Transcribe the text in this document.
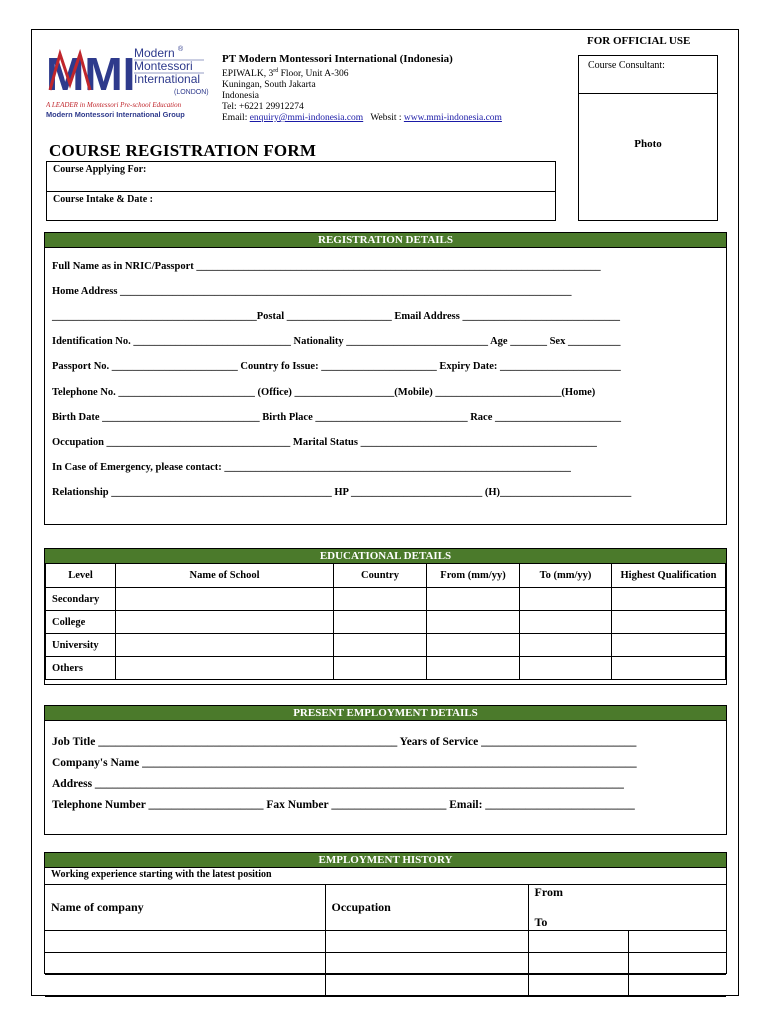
MMI
Modern
Montessori
International
®
(LONDON)
A LEADER in Montessori Pre-school Education
Modern Montessori International Group
PT Modern Montessori International (Indonesia)
EPIWALK, 3rd Floor, Unit A-306
Kuningan, South Jakarta
Indonesia
Tel: +6221 29912274
Email: enquiry@mmi-indonesia.com Websit : www.mmi-indonesia.com
FOR OFFICIAL USE
Course Consultant:
Photo
COURSE REGISTRATION FORM
Course Applying For:
Course Intake & Date :
REGISTRATION DETAILS
Full Name as in NRIC/Passport _____________________________________________________________________________
Home Address ______________________________________________________________________________________
_______________________________________Postal ____________________ Email Address ______________________________
Identification No. ______________________________ Nationality ___________________________ Age _______ Sex __________
Passport No. ________________________ Country fo Issue: ______________________ Expiry Date: _______________________
Telephone No. __________________________ (Office) ___________________(Mobile) ________________________(Home)
Birth Date ______________________________ Birth Place _____________________________ Race ________________________
Occupation ___________________________________ Marital Status _____________________________________________
In Case of Emergency, please contact: __________________________________________________________________
Relationship __________________________________________ HP _________________________ (H)_________________________
EDUCATIONAL DETAILS
Level	Name of School	Country	From (mm/yy)	To (mm/yy)	Highest Qualification
Secondary					
College					
University					
Others					
PRESENT EMPLOYMENT DETAILS
Job Title ____________________________________________________ Years of Service ___________________________
Company's Name ______________________________________________________________________________________
Address ____________________________________________________________________________________________
Telephone Number ____________________ Fax Number ____________________ Email: __________________________
EMPLOYMENT HISTORY
Working experience starting with the latest position
Name of company	Occupation	FromTo	
